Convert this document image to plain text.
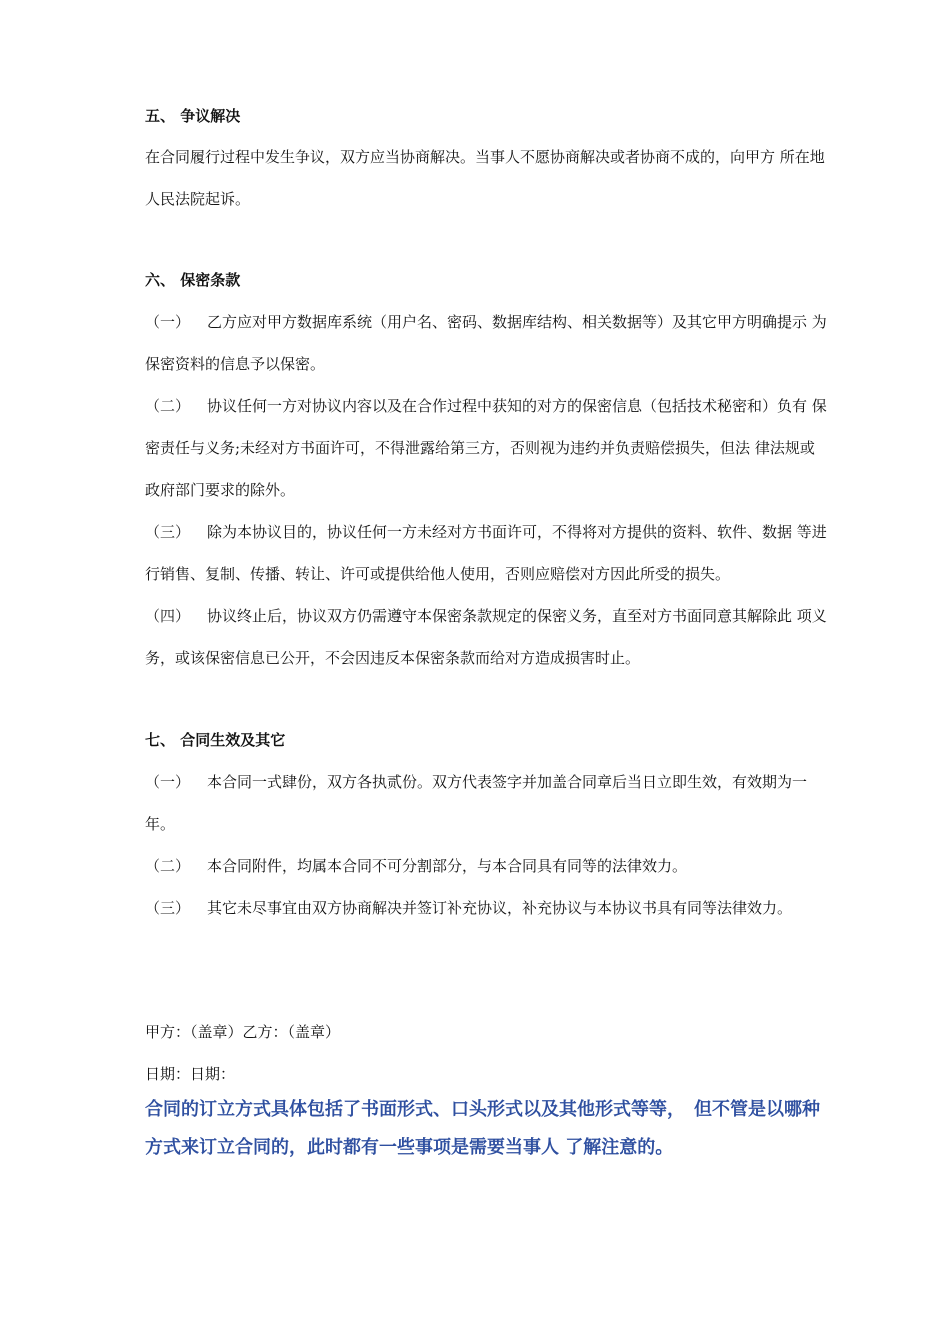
五、 争议解决
在合同履行过程中发生争议，双方应当协商解决。当事人不愿协商解决或者协商不成的，向甲方 所在地
人民法院起诉。
六、 保密条款
（一） 乙方应对甲方数据库系统（用户名、密码、数据库结构、相关数据等）及其它甲方明确提示 为
保密资料的信息予以保密。
（二） 协议任何一方对协议内容以及在合作过程中获知的对方的保密信息（包括技术秘密和）负有 保
密责任与义务;未经对方书面许可，不得泄露给第三方，否则视为违约并负责赔偿损失，但法 律法规或
政府部门要求的除外。
（三） 除为本协议目的，协议任何一方未经对方书面许可，不得将对方提供的资料、软件、数据 等进
行销售、复制、传播、转让、许可或提供给他人使用，否则应赔偿对方因此所受的损失。
（四） 协议终止后，协议双方仍需遵守本保密条款规定的保密义务，直至对方书面同意其解除此 项义
务，或该保密信息已公开，不会因违反本保密条款而给对方造成损害时止。
七、 合同生效及其它
（一） 本合同一式肆份，双方各执贰份。双方代表签字并加盖合同章后当日立即生效，有效期为一
年。
（二） 本合同附件，均属本合同不可分割部分，与本合同具有同等的法律效力。
（三） 其它未尽事宜由双方协商解决并签订补充协议，补充协议与本协议书具有同等法律效力。
甲方：（盖章）乙方：（盖章）
日期：日期：
合同的订立方式具体包括了书面形式、口头形式以及其他形式等等，　但不管是以哪种
方式来订立合同的，此时都有一些事项是需要当事人 了解注意的。
